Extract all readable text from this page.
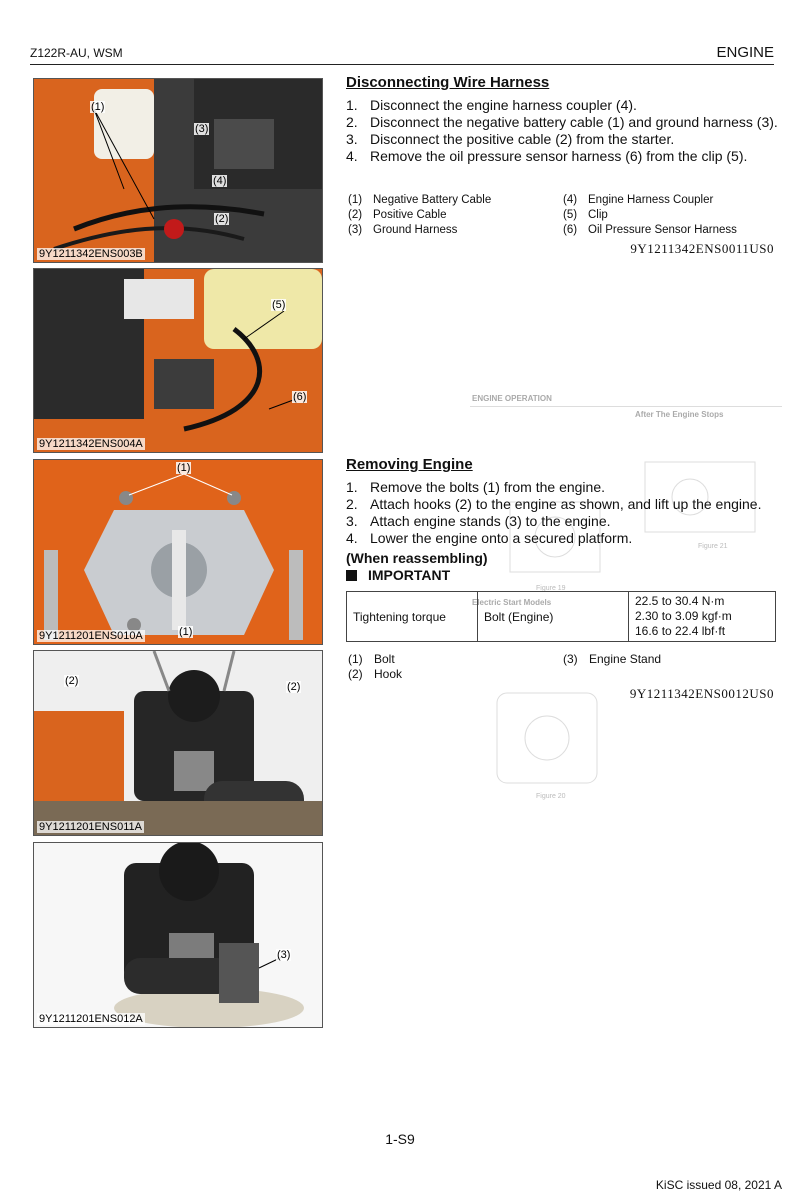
Z122R-AU, WSM	ENGINE
(1)
(3)
(4)
(2)
9Y1211342ENS003B
(5)
(6)
9Y1211342ENS004A
(1)
(1)
9Y1211201ENS010A
(2)	(2)
9Y1211201ENS011A
(3)
9Y1211201ENS012A
ENGINE OPERATION
After The Engine Stops
Electric Start Models
Figure 19
Figure 21
Figure 20
Disconnecting Wire Harness
1. Disconnect the engine harness coupler (4).
2. Disconnect the negative battery cable (1) and ground harness (3).
3. Disconnect the positive cable (2) from the starter.
4. Remove the oil pressure sensor harness (6) from the clip (5).
(1) Negative Battery Cable
(2) Positive Cable
(3) Ground Harness
(4) Engine Harness Coupler
(5) Clip
(6) Oil Pressure Sensor Harness
9Y1211342ENS0011US0
Removing Engine
1. Remove the bolts (1) from the engine.
2. Attach hooks (2) to the engine as shown, and lift up the engine.
3. Attach engine stands (3) to the engine.
4. Lower the engine onto a secured platform.
(When reassembling)
IMPORTANT
Tightening torque	Bolt (Engine)	
22.5 to 30.4 N·m
2.30 to 3.09 kgf·m
16.6 to 22.4 lbf·ft
(1) Bolt
(2) Hook
(3) Engine Stand
9Y1211342ENS0012US0
1-S9
KiSC issued 08, 2021 A
